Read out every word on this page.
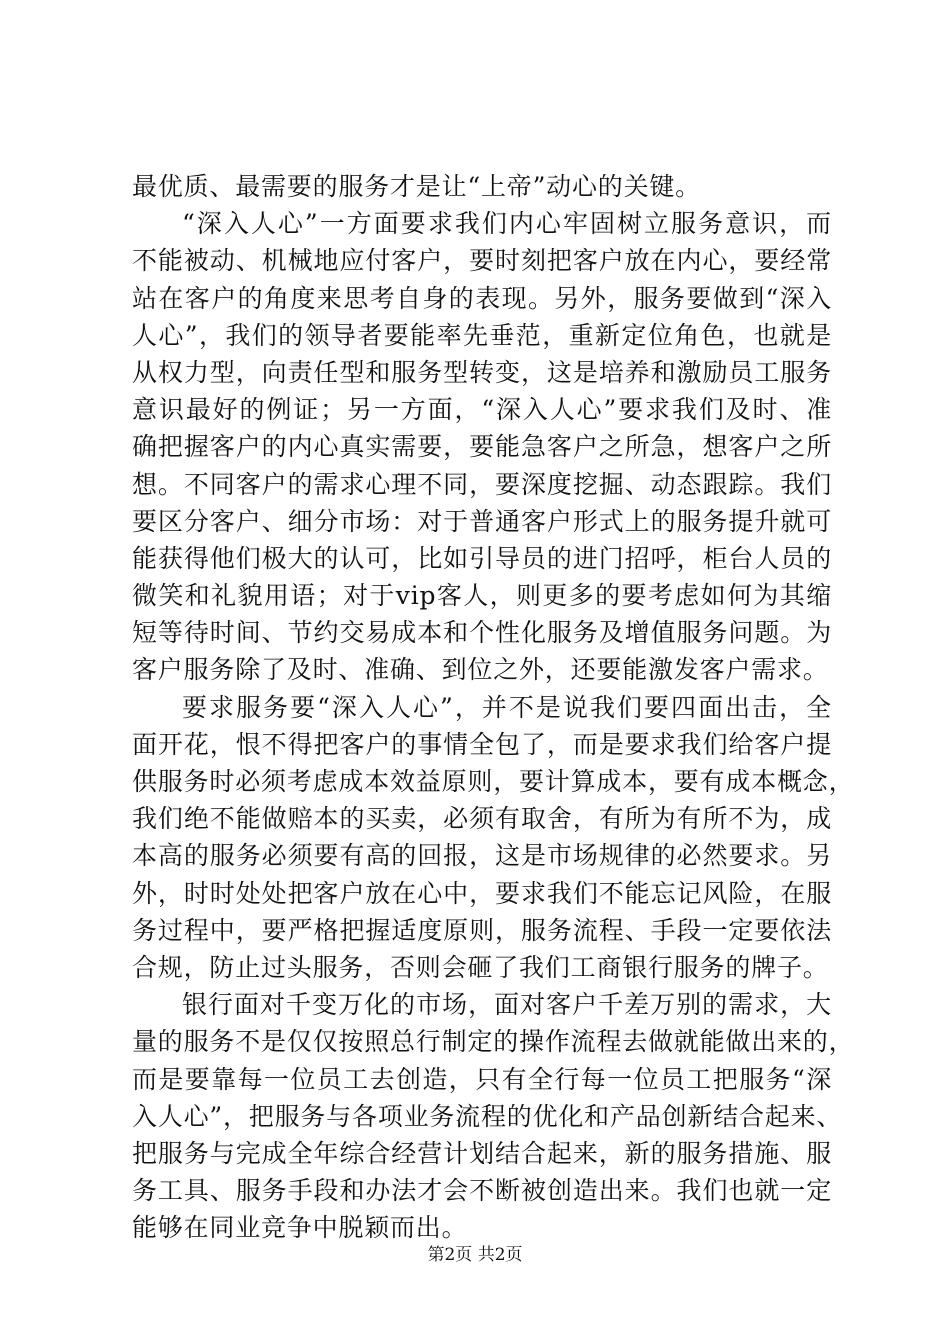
最优质、最需要的服务才是让“上帝”动心的关键。
“深入人心”一方面要求我们内心牢固树立服务意识，而
不能被动、机械地应付客户，要时刻把客户放在内心，要经常
站在客户的角度来思考自身的表现。另外，服务要做到“深入
人心”，我们的领导者要能率先垂范，重新定位角色，也就是
从权力型，向责任型和服务型转变，这是培养和激励员工服务
意识最好的例证；另一方面，“深入人心”要求我们及时、准
确把握客户的内心真实需要，要能急客户之所急，想客户之所
想。不同客户的需求心理不同，要深度挖掘、动态跟踪。我们
要区分客户、细分市场：对于普通客户形式上的服务提升就可
能获得他们极大的认可，比如引导员的进门招呼，柜台人员的
微笑和礼貌用语；对于vip客人，则更多的要考虑如何为其缩
短等待时间、节约交易成本和个性化服务及增值服务问题。为
客户服务除了及时、准确、到位之外，还要能激发客户需求。
要求服务要“深入人心”，并不是说我们要四面出击，全
面开花，恨不得把客户的事情全包了，而是要求我们给客户提
供服务时必须考虑成本效益原则，要计算成本，要有成本概念，
我们绝不能做赔本的买卖，必须有取舍，有所为有所不为，成
本高的服务必须要有高的回报，这是市场规律的必然要求。另
外，时时处处把客户放在心中，要求我们不能忘记风险，在服
务过程中，要严格把握适度原则，服务流程、手段一定要依法
合规，防止过头服务，否则会砸了我们工商银行服务的牌子。
银行面对千变万化的市场，面对客户千差万别的需求，大
量的服务不是仅仅按照总行制定的操作流程去做就能做出来的，
而是要靠每一位员工去创造，只有全行每一位员工把服务“深
入人心”，把服务与各项业务流程的优化和产品创新结合起来、
把服务与完成全年综合经营计划结合起来，新的服务措施、服
务工具、服务手段和办法才会不断被创造出来。我们也就一定
能够在同业竞争中脱颖而出。
第2页 共2页
